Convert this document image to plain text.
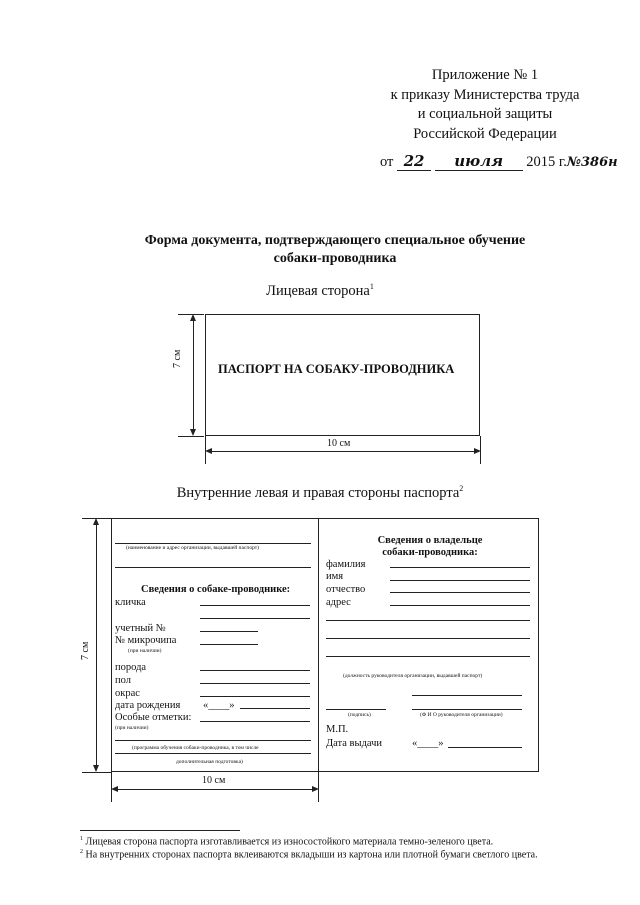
Приложение № 1
к приказу Министерства труда
и социальной защиты
Российской Федерации
от 22 июля 2015 г.№386н
Форма документа, подтверждающего специальное обучение
собаки-проводника
Лицевая сторона$^1$
ПАСПОРТ НА СОБАКУ-ПРОВОДНИКА
7 см
10 см
Внутренние левая и правая стороны паспорта$^2$
7 см
10 см
(наименование и адрес организации, выдавшей паспорт)
Сведения о собаке-проводнике:
кличка
учетный №
№ микрочипа
(при наличии)
порода
пол
окрас
дата рождения «____»
Особые отметки:
(при наличии)
(программа обучения собаки-проводника, в том числе
дополнительная подготовка)
Сведения о владельце
собаки-проводника:
фамилия
имя
отчество
адрес
(должность руководителя организации, выдавшей паспорт)
(подпись)	(Ф И О руководителя организации)
М.П.
Дата выдачи	«____»
$^1$ Лицевая сторона паспорта изготавливается из износостойкого материала темно-зеленого цвета.
$^2$ На внутренних сторонах паспорта вклеиваются вкладыши из картона или плотной бумаги светлого цвета.
